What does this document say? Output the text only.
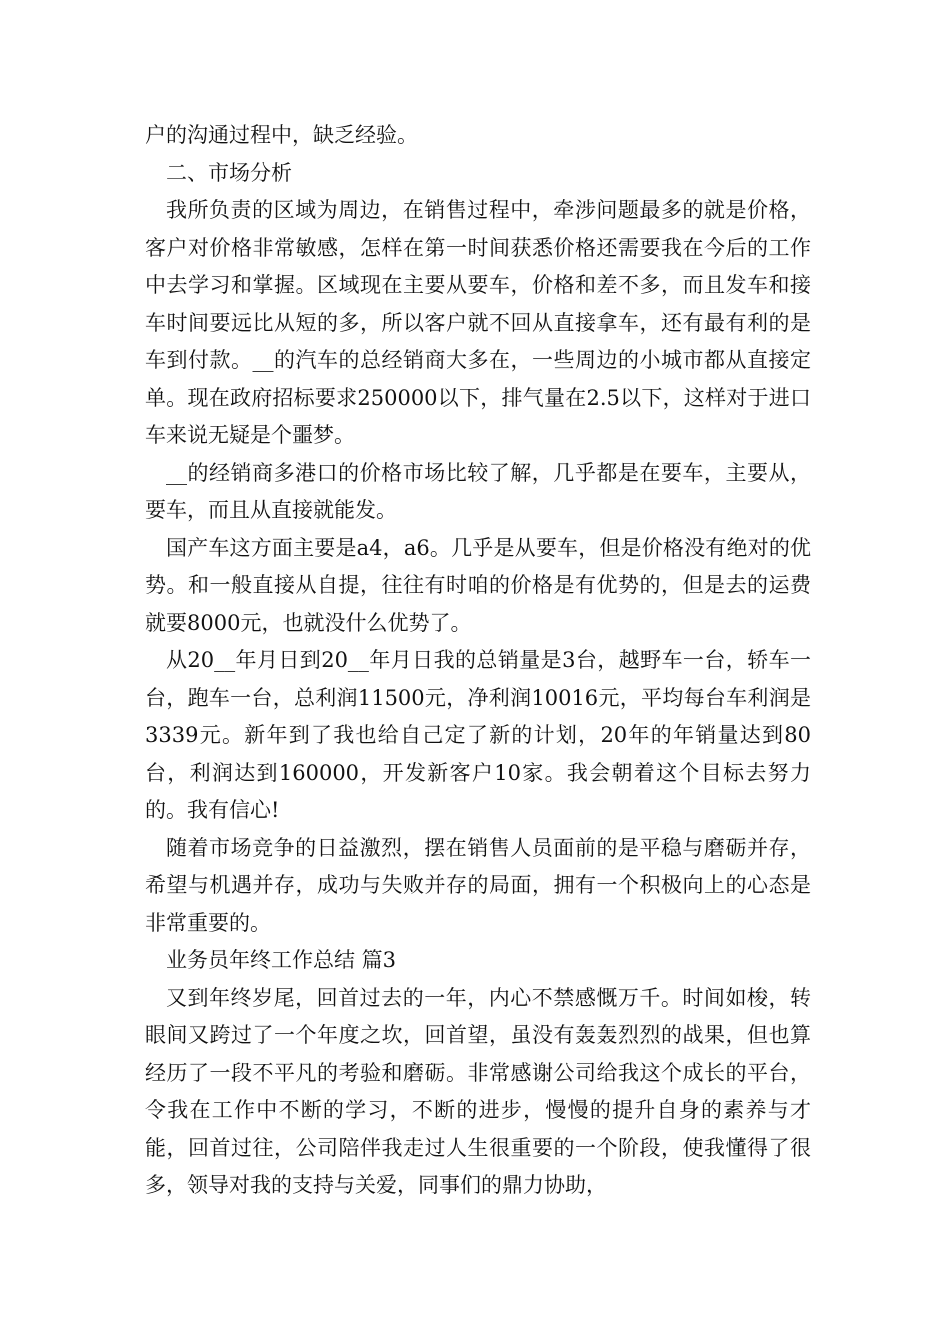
户的沟通过程中，缺乏经验。

二、市场分析

我所负责的区域为周边，在销售过程中，牵涉问题最多的就是价格，客户对价格非常敏感，怎样在第一时间获悉价格还需要我在今后的工作中去学习和掌握。区域现在主要从要车，价格和差不多，而且发车和接车时间要远比从短的多，所以客户就不回从直接拿车，还有最有利的是车到付款。__的汽车的总经销商大多在，一些周边的小城市都从直接定单。现在政府招标要求250000以下，排气量在2.5以下，这样对于进口车来说无疑是个噩梦。

__的经销商多港口的价格市场比较了解，几乎都是在要车，主要从，要车，而且从直接就能发。

国产车这方面主要是a4，a6。几乎是从要车，但是价格没有绝对的优势。和一般直接从自提，往往有时咱的价格是有优势的，但是去的运费就要8000元，也就没什么优势了。

从20__年月日到20__年月日我的总销量是3台，越野车一台，轿车一台，跑车一台，总利润11500元，净利润10016元，平均每台车利润是3339元。新年到了我也给自己定了新的计划，20年的年销量达到80台，利润达到160000，开发新客户10家。我会朝着这个目标去努力的。我有信心!

随着市场竞争的日益激烈，摆在销售人员面前的是平稳与磨砺并存，希望与机遇并存，成功与失败并存的局面，拥有一个积极向上的心态是非常重要的。

业务员年终工作总结 篇3

又到年终岁尾，回首过去的一年，内心不禁感慨万千。时间如梭，转眼间又跨过了一个年度之坎，回首望，虽没有轰轰烈烈的战果，但也算经历了一段不平凡的考验和磨砺。非常感谢公司给我这个成长的平台，令我在工作中不断的学习，不断的进步，慢慢的提升自身的素养与才能，回首过往，公司陪伴我走过人生很重要的一个阶段，使我懂得了很多，领导对我的支持与关爱，同事们的鼎力协助，
